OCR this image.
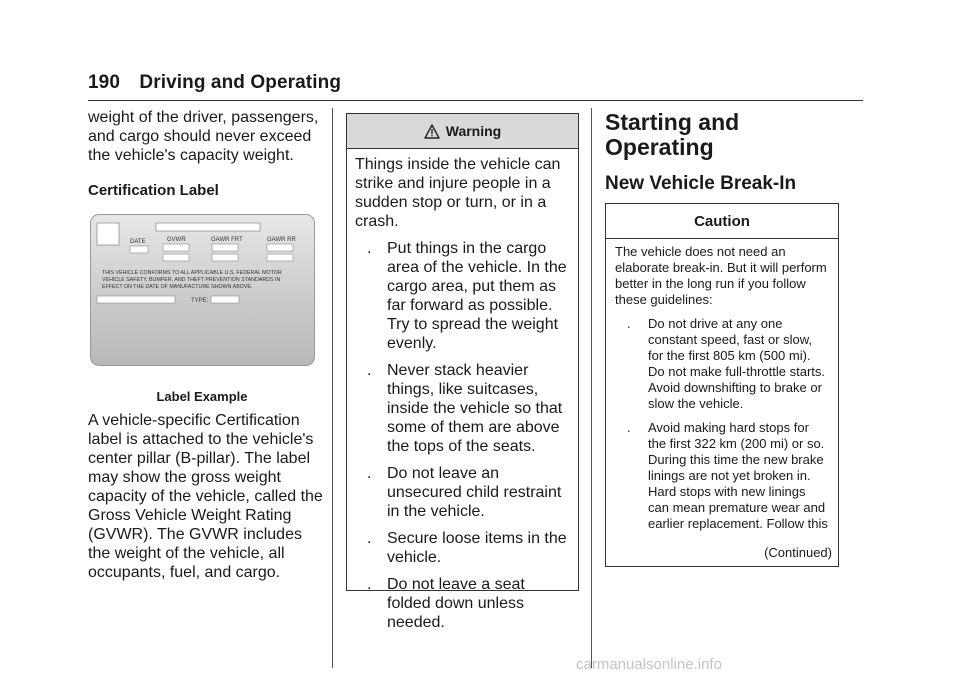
190 Driving and Operating

weight of the driver, passengers, and cargo should never exceed the vehicle's capacity weight.

Certification Label

DATE	GVWR	GAWR FRT	GAWR RR
THIS VEHICLE CONFORMS TO ALL APPLICABLE U.S. FEDERAL MOTOR
VEHICLE SAFETY, BUMPER, AND THEFT PREVENTION STANDARDS IN
EFFECT ON THE DATE OF MANUFACTURE SHOWN ABOVE.
TYPE:
Label Example

A vehicle-specific Certification label is attached to the vehicle's center pillar (B-pillar). The label may show the gross weight capacity of the vehicle, called the Gross Vehicle Weight Rating (GVWR). The GVWR includes the weight of the vehicle, all occupants, fuel, and cargo.

Warning

Things inside the vehicle can strike and injure people in a sudden stop or turn, or in a crash.

. Put things in the cargo area of the vehicle. In the cargo area, put them as far forward as possible. Try to spread the weight evenly.
. Never stack heavier things, like suitcases, inside the vehicle so that some of them are above the tops of the seats.
. Do not leave an unsecured child restraint in the vehicle.
. Secure loose items in the vehicle.
. Do not leave a seat folded down unless needed.
Starting and Operating
New Vehicle Break-In
Caution

The vehicle does not need an elaborate break-in. But it will perform better in the long run if you follow these guidelines:

. Do not drive at any one constant speed, fast or slow, for the first 805 km (500 mi). Do not make full-throttle starts. Avoid downshifting to brake or slow the vehicle.
. Avoid making hard stops for the first 322 km (200 mi) or so. During this time the new brake linings are not yet broken in. Hard stops with new linings can mean premature wear and earlier replacement. Follow this
(Continued)
carmanualsonline.info
